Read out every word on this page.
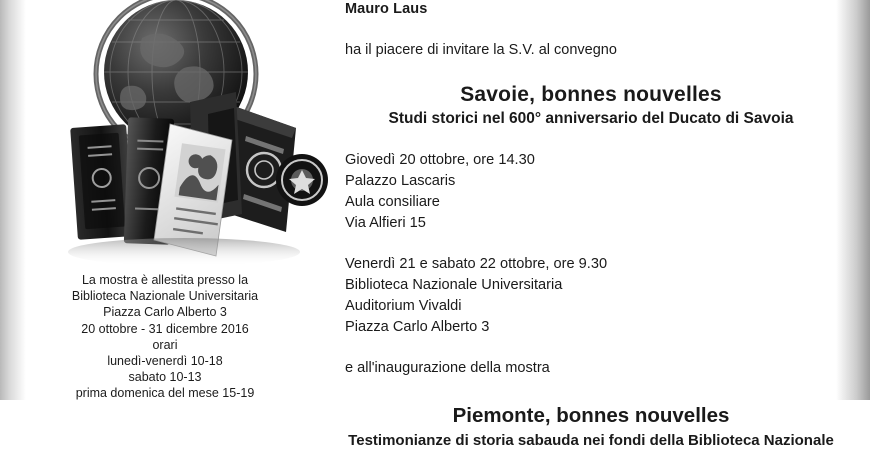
La mostra è allestita presso la
Biblioteca Nazionale Universitaria
Piazza Carlo Alberto 3
20 ottobre - 31 dicembre 2016
orari
lunedì-venerdì 10-18
sabato 10-13
prima domenica del mese 15-19
Mauro Laus
ha il piacere di invitare la S.V. al convegno
Savoie, bonnes nouvelles
Studi storici nel 600° anniversario del Ducato di Savoia
Giovedì 20 ottobre, ore 14.30
Palazzo Lascaris
Aula consiliare
Via Alfieri 15
Venerdì 21 e sabato 22 ottobre, ore 9.30
Biblioteca Nazionale Universitaria
Auditorium Vivaldi
Piazza Carlo Alberto 3
e all'inaugurazione della mostra
Piemonte, bonnes nouvelles
Testimonianze di storia sabauda nei fondi della Biblioteca Nazionale
